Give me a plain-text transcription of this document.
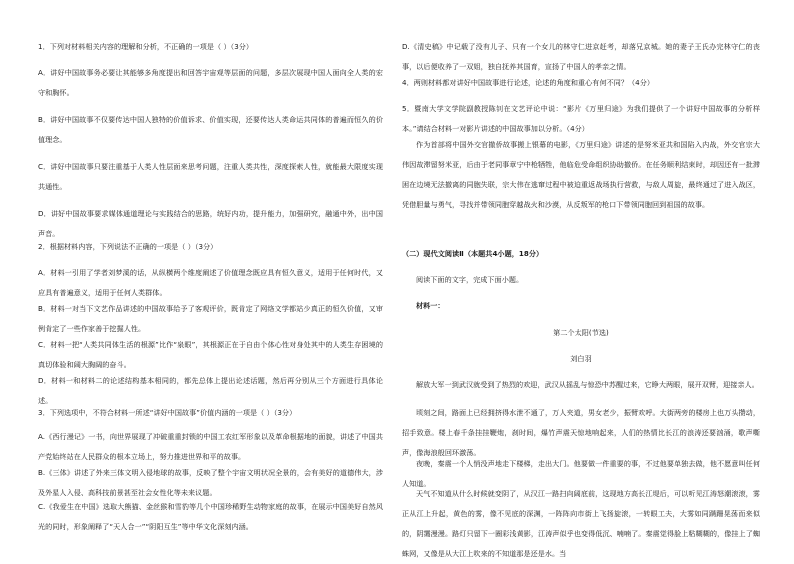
1．下列对材料相关内容的理解和分析，不正确的一项是（ ）（3分）

A．讲好中国故事务必要让其能够多角度提出和回答宇宙观等层面的问题，多层次展现中国人面向全人类的宏守和胸怀。

B．讲好中国故事不仅要传达中国人独特的价值诉求、价值实现，还要传达人类命运共同体的普遍而恒久的价值理念。

C．讲好中国故事只要注重基于人类人性层面来思考问题，注重人类共性，深度探索人性，就能最大限度实现共通性。

D．讲好中国故事要求媒体通道理论与实践结合的思路，统好内功，提升能力，加强研究，融通中外，出中国声音。

2．根据材料内容，下列说法不正确的一项是（ ）（3分）

A．材料一引用了学者刘梦溪的话，从纵横两个维度阐述了价值理念既应具有恒久意义，适用于任何时代，又应具有普遍意义，适用于任何人类群体。

B．材料一对当下文艺作品讲述的中国故事给予了客观评价，既肯定了网络文学都站少真正的恒久价值，又审例肯定了一些作家善于挖掘人性。

C．材料一把“人类共同体生活的根源”比作“泉眼”，其根源正在于自由个体心性对身处其中的人类生存困境的真切体验和阔大胸阔的奋斗。

D．材料一和材料二的论述结构基本相同的，都先总体上提出论述话题，然后再分别从三个方面进行具体论述。

3．下列选项中，不符合材料一所述“讲好中国故事”价值内涵的一项是（ ）（3分）

A.《西行漫记》一书，向世界展现了冲破重重封锁的中国工农红军形象以及革命根据地的面貌，讲述了中国共产党始终站在人民群众的根本立场上，努力推进世界和平的故事。

B.《三体》讲述了外来三体文明入侵地球的故事，反映了整个宇宙文明状况全景的，会有美好的道德伟大，涉及外星人入侵、高科技前景甚至社会女性化等未来议题。

C.《我爱生在中国》选取大熊猫、金丝猴和雪豹等几个中国珍稀野生动物家庭的故事，在展示中国美好自然风光的同时，形象阐释了“天人合一”“阴阳互生”等中华文化深刻内涵。

D.《清史稿》中记载了没有儿子、只有一个女儿的林守仁进京赶考，却落兄京城。她的妻子王氏办完林守仁的丧事，以后便收养了一双姐，独自抚养其国育，宣扬了中国人的孝亲之情。

4．两则材料都对讲好中国故事进行论述，论述的角度和重心有何不同？（4分）

5．暨南大学文学院副教授陈钊在文艺评论中说：“影片《万里归途》为我们提供了一个讲好中国故事的分析样本。”请结合材料一对影片讲述的中国故事加以分析。（4分）

作为首部将中国外交官撤侨故事搬上银幕的电影，《万里归途》讲述的是努米亚共和国陷入内战，外交官宗大伟因故滞留努米亚，后由于老同事章宁中枪牺牲，他临危受命组织协助撤侨。在任务顺利结束时，却因还有一批滞困在边境无法撤离的同胞失联，宗大伟在逃窜过程中被迫重返战场执行营救，与敌人周旋，最终通过了进入战区，凭借胆量与勇气，寻找并带领同胞穿越战火和沙漠，从反叛军的枪口下带领同胞回到祖国的故事。

（二）现代文阅读Ⅱ（本题共4小题，18分）

阅读下面的文字，完成下面小题。

材料一：

第二个太阳(节选)

刘白羽

解放大军一到武汉就受到了热烈的欢迎，武汉从摇乱与惊恐中苏醒过来，它睁大两眼，展开双臂，迎接亲人。

顷刻之间，路面上已经拥挤得水泄不通了，万人夹道，男女老少，振臂欢呼。大街两旁的楼房上也万头攒动，招手致意。楼上春千条挂挂鞭炮，刹时间，爆竹声震天惊地响起来，人们的热情比长江的浪涛还要汹涌，歌声嘶声，像海浪般回环激荡。

夜晚，秦震一个人悄没声地走下楼梯，走出大门。他要做一件重要的事，不过他要单独去做，他不愿意叫任何人知道。

天气不知道从什么时候就变阴了，从汉江一路扫向阔底前，这现地方高长江堤后，可以听见江涛怒潮滚滚，雾正从江上升起，黄色的雾，像不见底的深渊，一阵阵向市街上飞扬旋滚，一转眼工夫，大雾如同蹒跚晃荡而来似的，阴霭漫漫。路灯只留下一圈彩浅黄影，江涛声似乎也变得低沉、喃喃了。秦震觉得脸上粘糊糊的，像挂上了蜘蛛网，又像是从大江上吹来的不知道那是还是水。当
